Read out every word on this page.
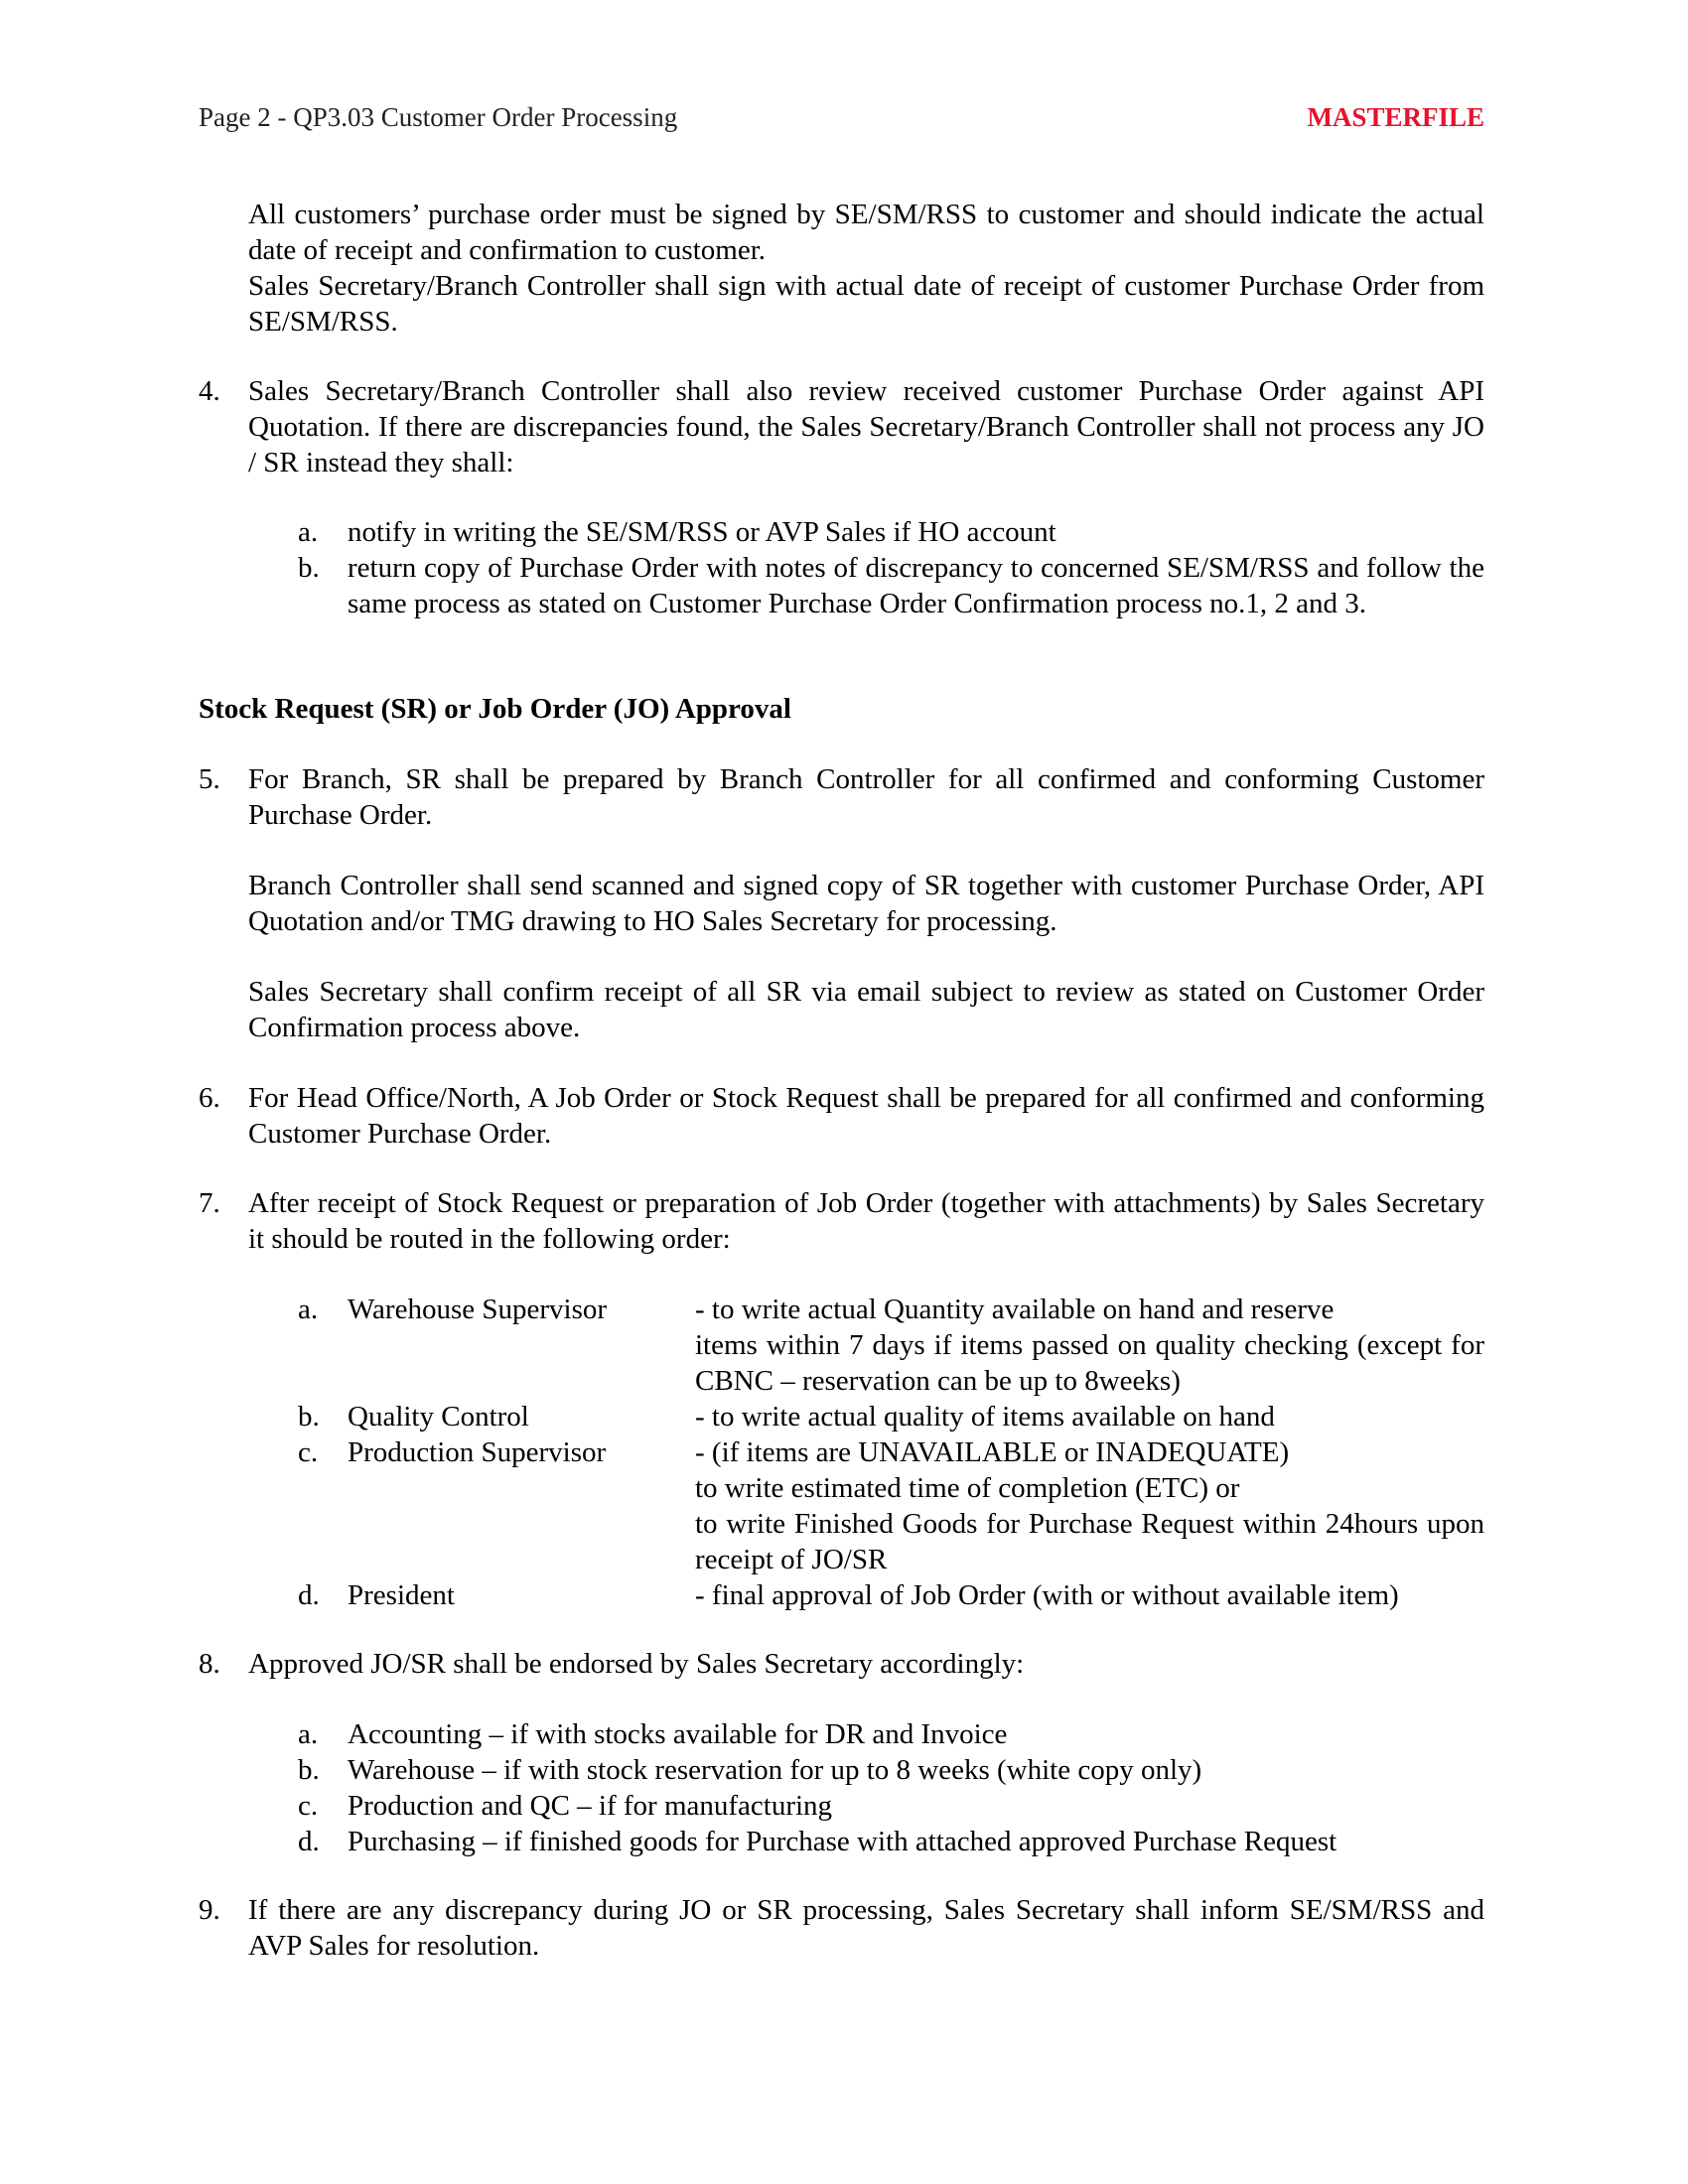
Page 2 - QP3.03 Customer Order Processing	MASTERFILE

All customers’ purchase order must be signed by SE/SM/RSS to customer and should indicate the actual date of receipt and confirmation to customer.

Sales Secretary/Branch Controller shall sign with actual date of receipt of customer Purchase Order from SE/SM/RSS.

4. Sales Secretary/Branch Controller shall also review received customer Purchase Order against API Quotation. If there are discrepancies found, the Sales Secretary/Branch Controller shall not process any JO / SR instead they shall:
a. notify in writing the SE/SM/RSS or AVP Sales if HO account
b. return copy of Purchase Order with notes of discrepancy to concerned SE/SM/RSS and follow the same process as stated on Customer Purchase Order Confirmation process no.1, 2 and 3.
Stock Request (SR) or Job Order (JO) Approval
5. For Branch, SR shall be prepared by Branch Controller for all confirmed and conforming Customer Purchase Order.

Branch Controller shall send scanned and signed copy of SR together with customer Purchase Order, API Quotation and/or TMG drawing to HO Sales Secretary for processing.

Sales Secretary shall confirm receipt of all SR via email subject to review as stated on Customer Order Confirmation process above.

6. For Head Office/North, A Job Order or Stock Request shall be prepared for all confirmed and conforming Customer Purchase Order.
7. After receipt of Stock Request or preparation of Job Order (together with attachments) by Sales Secretary it should be routed in the following order:
a. Warehouse Supervisor	- to write actual Quantity available on hand and reserve
items within 7 days if items passed on quality checking (except for CBNC – reservation can be up to 8weeks)
b. Quality Control	- to write actual quality of items available on hand
c. Production Supervisor	- (if items are UNAVAILABLE or INADEQUATE)
to write estimated time of completion (ETC) or
to write Finished Goods for Purchase Request within 24hours upon receipt of JO/SR
d. President	- final approval of Job Order (with or without available item)
8. Approved JO/SR shall be endorsed by Sales Secretary accordingly:
a. Accounting – if with stocks available for DR and Invoice
b. Warehouse – if with stock reservation for up to 8 weeks (white copy only)
c. Production and QC – if for manufacturing
d. Purchasing – if finished goods for Purchase with attached approved Purchase Request
9. If there are any discrepancy during JO or SR processing, Sales Secretary shall inform SE/SM/RSS and AVP Sales for resolution.
